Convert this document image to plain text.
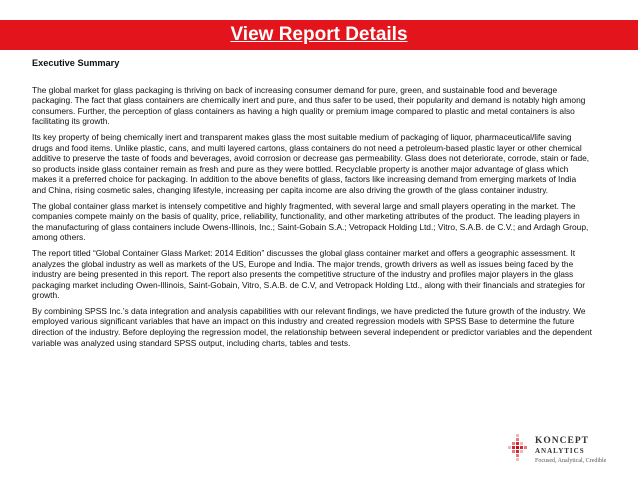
View Report Details

Executive Summary

The global market for glass packaging is thriving on back of increasing consumer demand for pure, green, and sustainable food and beverage packaging. The fact that glass containers are chemically inert and pure, and thus safer to be used, their popularity and demand is notably high among consumers. Further, the perception of glass containers as having a high quality or premium image compared to plastic and metal containers is also facilitating its growth.

Its key property of being chemically inert and transparent makes glass the most suitable medium of packaging of liquor, pharmaceutical/life saving drugs and food items. Unlike plastic, cans, and multi layered cartons, glass containers do not need a petroleum-based plastic layer or other chemical additive to preserve the taste of foods and beverages, avoid corrosion or decrease gas permeability. Glass does not deteriorate, corrode, stain or fade, so products inside glass container remain as fresh and pure as they were bottled. Recyclable property is another major advantage of glass which makes it a preferred choice for packaging. In addition to the above benefits of glass, factors like increasing demand from emerging markets of India and China, rising cosmetic sales, changing lifestyle, increasing per capita income are also driving the growth of the glass container industry.

The global container glass market is intensely competitive and highly fragmented, with several large and small players operating in the market. The companies compete mainly on the basis of quality, price, reliability, functionality, and other marketing attributes of the product. The leading players in the manufacturing of glass containers include Owens-Illinois, Inc.; Saint-Gobain S.A.; Vetropack Holding Ltd.; Vitro, S.A.B. de C.V.; and Ardagh Group, among others.

The report titled “Global Container Glass Market: 2014 Edition” discusses the global glass container market and offers a geographic assessment. It analyzes the global industry as well as markets of the US, Europe and India. The major trends, growth drivers as well as issues being faced by the industry are being presented in this report. The report also presents the competitive structure of the industry and profiles major players in the glass packaging market including Owen-Illinois, Saint-Gobain, Vitro, S.A.B. de C.V, and Vetropack Holding Ltd., along with their financials and strategies for growth.

By combining SPSS Inc.’s data integration and analysis capabilities with our relevant findings, we have predicted the future growth of the industry. We employed various significant variables that have an impact on this industry and created regression models with SPSS Base to determine the future direction of the industry. Before deploying the regression model, the relationship between several independent or predictor variables and the dependent variable was analyzed using standard SPSS output, including charts, tables and tests.

KONCEPT

ANALYTICS

Focused, Analytical, Credible
